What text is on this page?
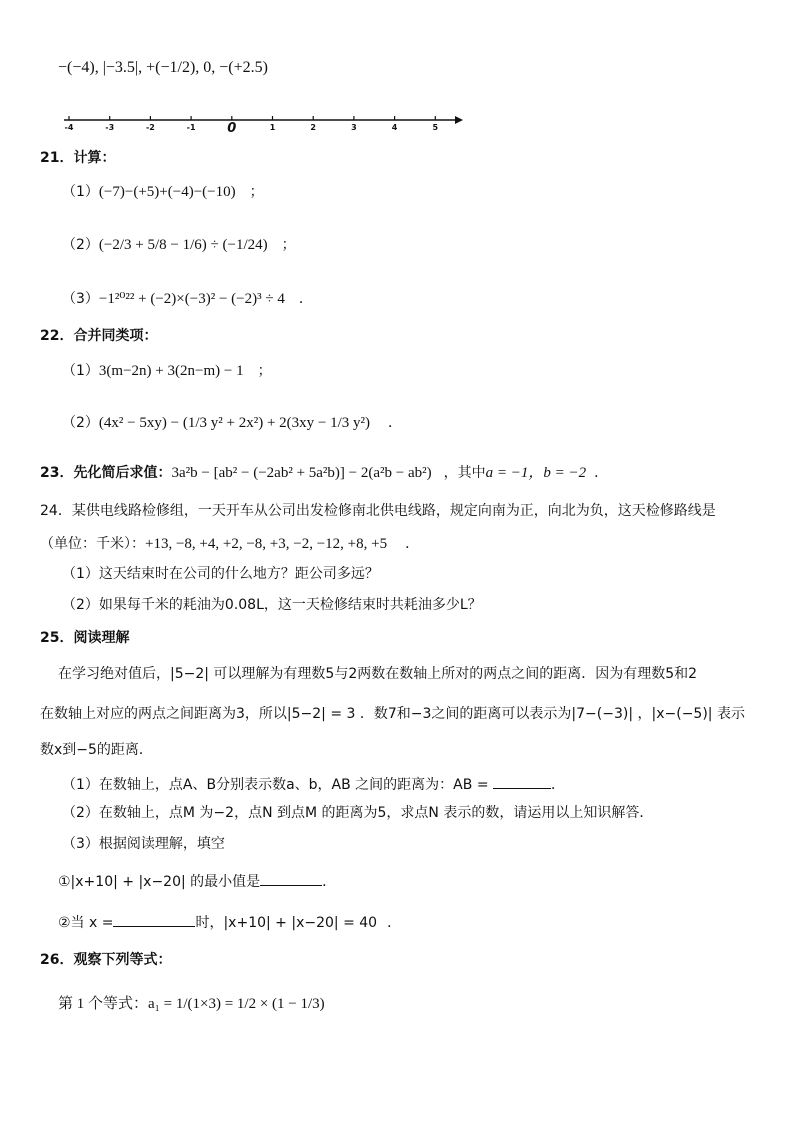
−(−4), |−3.5|, +(−1/2), 0, −(+2.5)
-4	-3	-2	-1 0	1	2	3	4	5
21．计算：
（1）(−7)−(+5)+(−4)−(−10) ；
（2）(−2/3 + 5/8 − 1/6) ÷ (−1/24) ；
（3）−1²⁰²² + (−2)×(−3)² − (−2)³ ÷ 4 ．
22．合并同类项：
（1）3(m−2n) + 3(2n−m) − 1 ；
（2）(4x² − 5xy) − (1/3 y² + 2x²) + 2(3xy − 1/3 y²) ．
23．先化简后求值：3a²b − [ab² − (−2ab² + 5a²b)] − 2(a²b − ab²) ，其中a = −1，b = −2 ．
24．某供电线路检修组，一天开车从公司出发检修南北供电线路，规定向南为正，向北为负，这天检修路线是
（单位：千米）：+13, −8, +4, +2, −8, +3, −2, −12, +8, +5 ．
（1）这天结束时在公司的什么地方？距公司多远？
（2）如果每千米的耗油为0.08L，这一天检修结束时共耗油多少L？
25．阅读理解
在学习绝对值后，|5−2| 可以理解为有理数5与2两数在数轴上所对的两点之间的距离．因为有理数5和2
在数轴上对应的两点之间距离为3，所以|5−2| = 3 ．数7和−3之间的距离可以表示为|7−(−3)| ，|x−(−5)| 表示
数x到−5的距离．
（1）在数轴上，点A、B分别表示数a、b，AB 之间的距离为：AB =	．
（2）在数轴上，点M 为−2，点N 到点M 的距离为5，求点N 表示的数，请运用以上知识解答．
（3）根据阅读理解，填空
①|x+10| + |x−20| 的最小值是	．
②当 x =	时，|x+10| + |x−20| = 40 ．
26．观察下列等式：
第 1 个等式：a₁ = 1/(1×3) = 1/2 × (1 − 1/3)
